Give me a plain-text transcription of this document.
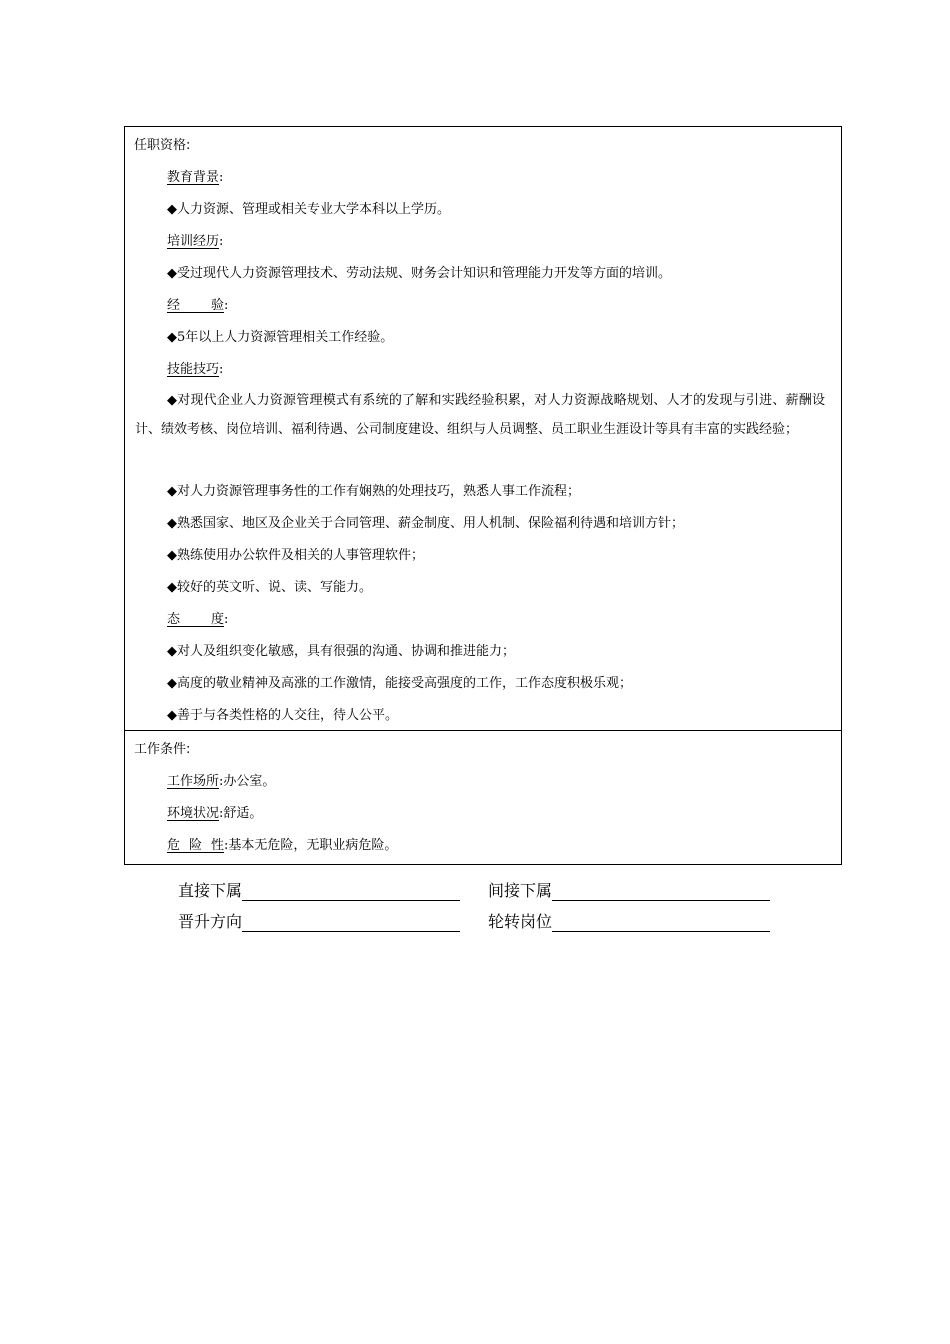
任职资格:
教育背景:
◆人力资源、管理或相关专业大学本科以上学历。
培训经历:
◆受过现代人力资源管理技术、劳动法规、财务会计知识和管理能力开发等方面的培训。
经验:
◆5年以上人力资源管理相关工作经验。
技能技巧:
◆对现代企业人力资源管理模式有系统的了解和实践经验积累，对人力资源战略规划、人才的发现与引进、薪酬设计、绩效考核、岗位培训、福利待遇、公司制度建设、组织与人员调整、员工职业生涯设计等具有丰富的实践经验；
◆对人力资源管理事务性的工作有娴熟的处理技巧，熟悉人事工作流程；
◆熟悉国家、地区及企业关于合同管理、薪金制度、用人机制、保险福利待遇和培训方针；
◆熟练使用办公软件及相关的人事管理软件；
◆较好的英文听、说、读、写能力。
态度:
◆对人及组织变化敏感，具有很强的沟通、协调和推进能力；
◆高度的敬业精神及高涨的工作激情，能接受高强度的工作，工作态度积极乐观；
◆善于与各类性格的人交往，待人公平。
工作条件:
工作场所:办公室。
环境状况:舒适。
危险性:基本无危险，无职业病危险。
直接下属	间接下属
晋升方向	轮转岗位
